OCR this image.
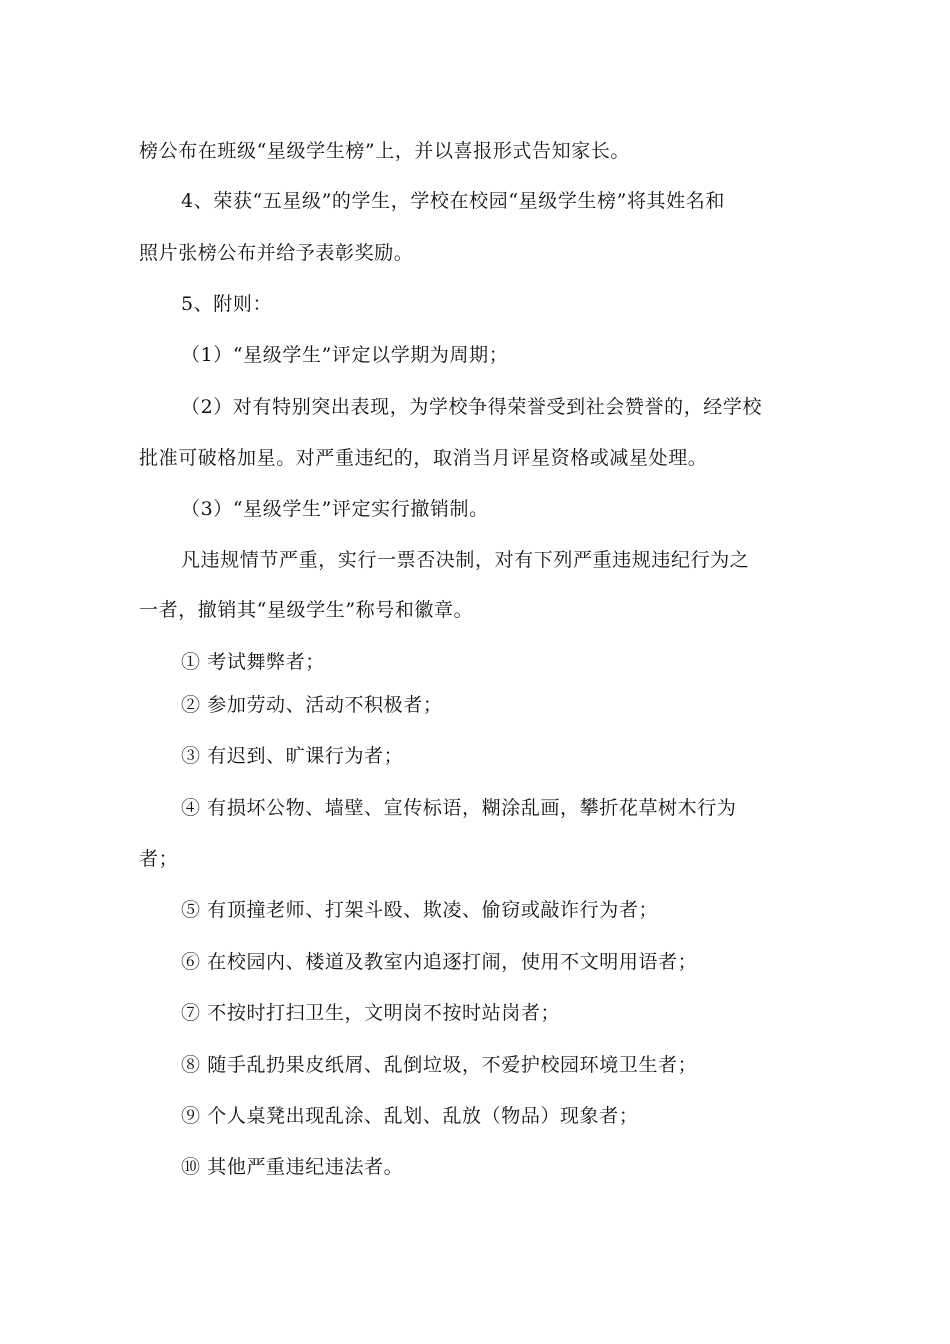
榜公布在班级“星级学生榜”上，并以喜报形式告知家长。
4、荣获“五星级”的学生，学校在校园“星级学生榜”将其姓名和
照片张榜公布并给予表彰奖励。
5、附则：
（1）“星级学生”评定以学期为周期；
（2）对有特别突出表现，为学校争得荣誉受到社会赞誉的，经学校
批准可破格加星。对严重违纪的，取消当月评星资格或减星处理。
（3）“星级学生”评定实行撤销制。
凡违规情节严重，实行一票否决制，对有下列严重违规违纪行为之
一者，撤销其“星级学生”称号和徽章。
① 考试舞弊者；
② 参加劳动、活动不积极者；
③ 有迟到、旷课行为者；
④ 有损坏公物、墙壁、宣传标语，糊涂乱画，攀折花草树木行为
者；
⑤ 有顶撞老师、打架斗殴、欺凌、偷窃或敲诈行为者；
⑥ 在校园内、楼道及教室内追逐打闹，使用不文明用语者；
⑦ 不按时打扫卫生，文明岗不按时站岗者；
⑧ 随手乱扔果皮纸屑、乱倒垃圾，不爱护校园环境卫生者；
⑨ 个人桌凳出现乱涂、乱划、乱放（物品）现象者；
⑩ 其他严重违纪违法者。
